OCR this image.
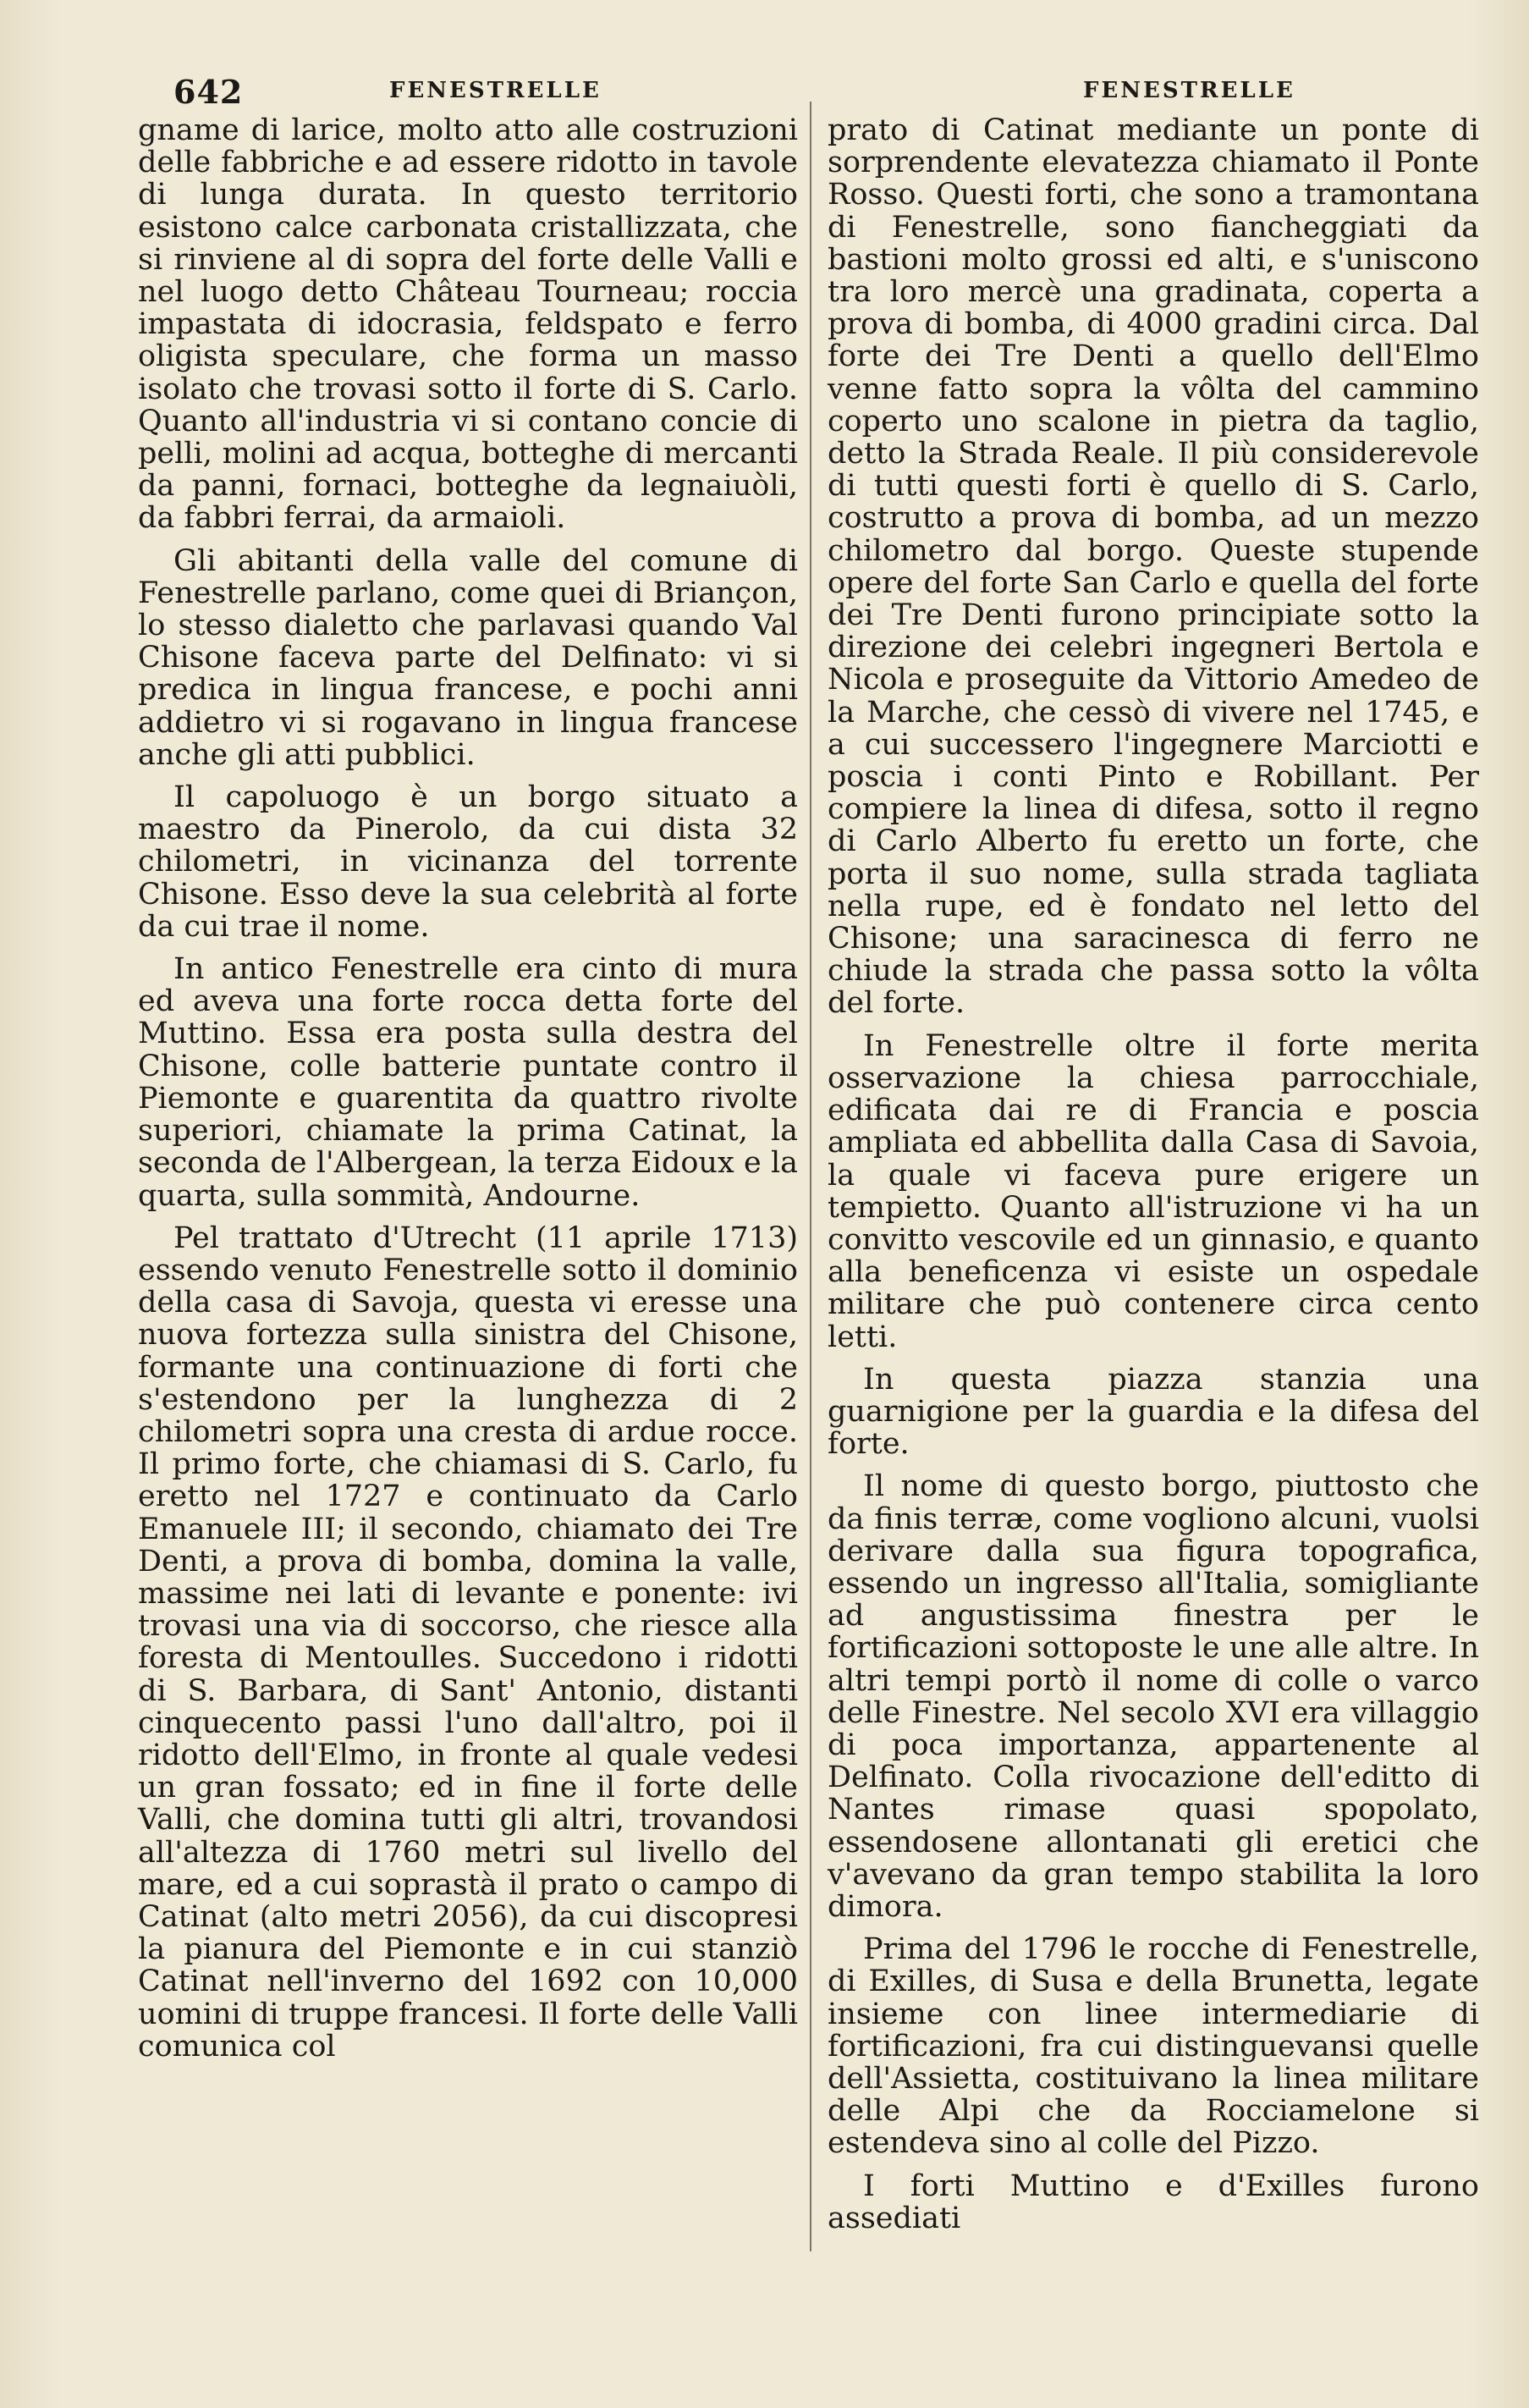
642	FENESTRELLE	FENESTRELLE

gname di larice, molto atto alle costruzioni delle fabbriche e ad essere ridotto in tavole di lunga durata. In questo territorio esistono calce carbonata cristallizzata, che si rinviene al di sopra del forte delle Valli e nel luogo detto Château Tourneau; roccia impastata di idocrasia, feldspato e ferro oligista speculare, che forma un masso isolato che trovasi sotto il forte di S. Carlo. Quanto all'industria vi si contano concie di pelli, molini ad acqua, botteghe di mercanti da panni, fornaci, botteghe da legnaiuòli, da fabbri ferrai, da armaioli.

Gli abitanti della valle del comune di Fenestrelle parlano, come quei di Briançon, lo stesso dialetto che parlavasi quando Val Chisone faceva parte del Delfinato: vi si predica in lingua francese, e pochi anni addietro vi si rogavano in lingua francese anche gli atti pubblici.

Il capoluogo è un borgo situato a maestro da Pinerolo, da cui dista 32 chilometri, in vicinanza del torrente Chisone. Esso deve la sua celebrità al forte da cui trae il nome.

In antico Fenestrelle era cinto di mura ed aveva una forte rocca detta forte del Muttino. Essa era posta sulla destra del Chisone, colle batterie puntate contro il Piemonte e guarentita da quattro rivolte superiori, chiamate la prima Catinat, la seconda de l'Albergean, la terza Eidoux e la quarta, sulla sommità, Andourne.

Pel trattato d'Utrecht (11 aprile 1713) essendo venuto Fenestrelle sotto il dominio della casa di Savoja, questa vi eresse una nuova fortezza sulla sinistra del Chisone, formante una continuazione di forti che s'estendono per la lunghezza di 2 chilometri sopra una cresta di ardue rocce. Il primo forte, che chiamasi di S. Carlo, fu eretto nel 1727 e continuato da Carlo Emanuele III; il secondo, chiamato dei Tre Denti, a prova di bomba, domina la valle, massime nei lati di levante e ponente: ivi trovasi una via di soccorso, che riesce alla foresta di Mentoulles. Succedono i ridotti di S. Barbara, di Sant' Antonio, distanti cinquecento passi l'uno dall'altro, poi il ridotto dell'Elmo, in fronte al quale vedesi un gran fossato; ed in fine il forte delle Valli, che domina tutti gli altri, trovandosi all'altezza di 1760 metri sul livello del mare, ed a cui soprastà il prato o campo di Catinat (alto metri 2056), da cui discopresi la pianura del Piemonte e in cui stanziò Catinat nell'inverno del 1692 con 10,000 uomini di truppe francesi. Il forte delle Valli comunica col

prato di Catinat mediante un ponte di sorprendente elevatezza chiamato il Ponte Rosso. Questi forti, che sono a tramontana di Fenestrelle, sono fiancheggiati da bastioni molto grossi ed alti, e s'uniscono tra loro mercè una gradinata, coperta a prova di bomba, di 4000 gradini circa. Dal forte dei Tre Denti a quello dell'Elmo venne fatto sopra la vôlta del cammino coperto uno scalone in pietra da taglio, detto la Strada Reale. Il più considerevole di tutti questi forti è quello di S. Carlo, costrutto a prova di bomba, ad un mezzo chilometro dal borgo. Queste stupende opere del forte San Carlo e quella del forte dei Tre Denti furono principiate sotto la direzione dei celebri ingegneri Bertola e Nicola e proseguite da Vittorio Amedeo de la Marche, che cessò di vivere nel 1745, e a cui successero l'ingegnere Marciotti e poscia i conti Pinto e Robillant. Per compiere la linea di difesa, sotto il regno di Carlo Alberto fu eretto un forte, che porta il suo nome, sulla strada tagliata nella rupe, ed è fondato nel letto del Chisone; una saracinesca di ferro ne chiude la strada che passa sotto la vôlta del forte.

In Fenestrelle oltre il forte merita osservazione la chiesa parrocchiale, edificata dai re di Francia e poscia ampliata ed abbellita dalla Casa di Savoia, la quale vi faceva pure erigere un tempietto. Quanto all'istruzione vi ha un convitto vescovile ed un ginnasio, e quanto alla beneficenza vi esiste un ospedale militare che può contenere circa cento letti.

In questa piazza stanzia una guarnigione per la guardia e la difesa del forte.

Il nome di questo borgo, piuttosto che da finis terræ, come vogliono alcuni, vuolsi derivare dalla sua figura topografica, essendo un ingresso all'Italia, somigliante ad angustissima finestra per le fortificazioni sottoposte le une alle altre. In altri tempi portò il nome di colle o varco delle Finestre. Nel secolo XVI era villaggio di poca importanza, appartenente al Delfinato. Colla rivocazione dell'editto di Nantes rimase quasi spopolato, essendosene allontanati gli eretici che v'avevano da gran tempo stabilita la loro dimora.

Prima del 1796 le rocche di Fenestrelle, di Exilles, di Susa e della Brunetta, legate insieme con linee intermediarie di fortificazioni, fra cui distinguevansi quelle dell'Assietta, costituivano la linea militare delle Alpi che da Rocciamelone si estendeva sino al colle del Pizzo.

I forti Muttino e d'Exilles furono assediati
